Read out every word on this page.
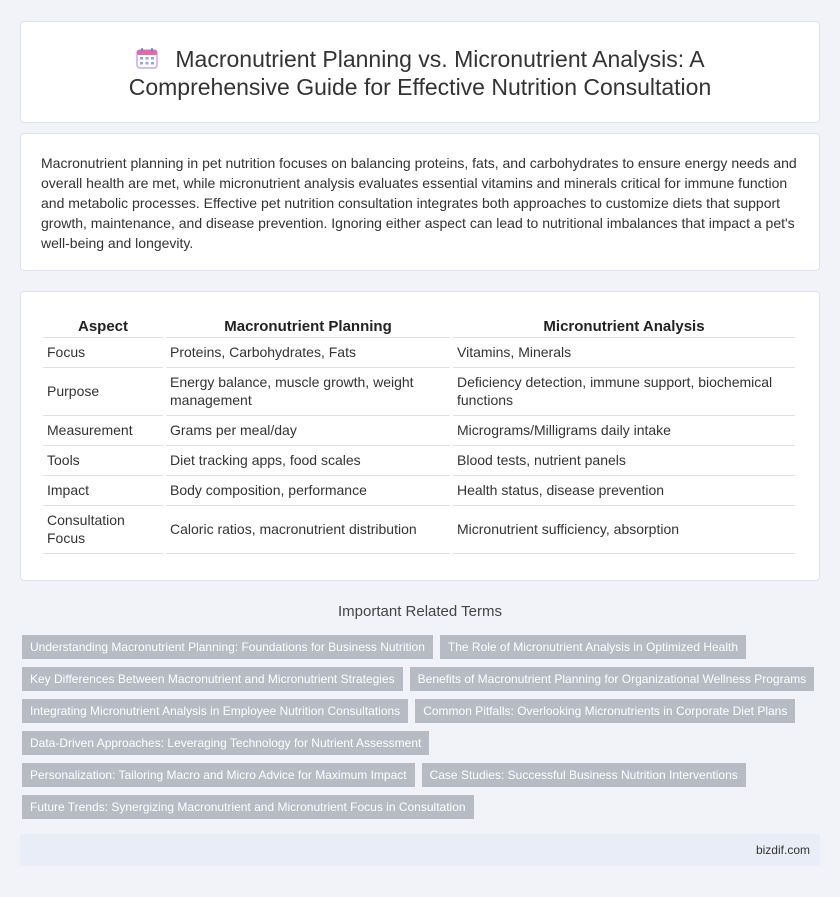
Macronutrient Planning vs. Micronutrient Analysis: A
Comprehensive Guide for Effective Nutrition Consultation

Macronutrient planning in pet nutrition focuses on balancing proteins, fats, and carbohydrates to ensure energy needs and overall health are met, while micronutrient analysis evaluates essential vitamins and minerals critical for immune function and metabolic processes. Effective pet nutrition consultation integrates both approaches to customize diets that support growth, maintenance, and disease prevention. Ignoring either aspect can lead to nutritional imbalances that impact a pet's well-being and longevity.

Aspect	Macronutrient Planning	Micronutrient Analysis
Focus	Proteins, Carbohydrates, Fats	Vitamins, Minerals
Purpose	Energy balance, muscle growth, weight management	Deficiency detection, immune support, biochemical functions
Measurement	Grams per meal/day	Micrograms/Milligrams daily intake
Tools	Diet tracking apps, food scales	Blood tests, nutrient panels
Impact	Body composition, performance	Health status, disease prevention
Consultation Focus	Caloric ratios, macronutrient distribution	Micronutrient sufficiency, absorption
Important Related Terms
Understanding Macronutrient Planning: Foundations for Business Nutrition	The Role of Micronutrient Analysis in Optimized Health
Key Differences Between Macronutrient and Micronutrient Strategies	Benefits of Macronutrient Planning for Organizational Wellness Programs
Integrating Micronutrient Analysis in Employee Nutrition Consultations	Common Pitfalls: Overlooking Micronutrients in Corporate Diet Plans
Data-Driven Approaches: Leveraging Technology for Nutrient Assessment
Personalization: Tailoring Macro and Micro Advice for Maximum Impact	Case Studies: Successful Business Nutrition Interventions
Future Trends: Synergizing Macronutrient and Micronutrient Focus in Consultation
bizdif.com
